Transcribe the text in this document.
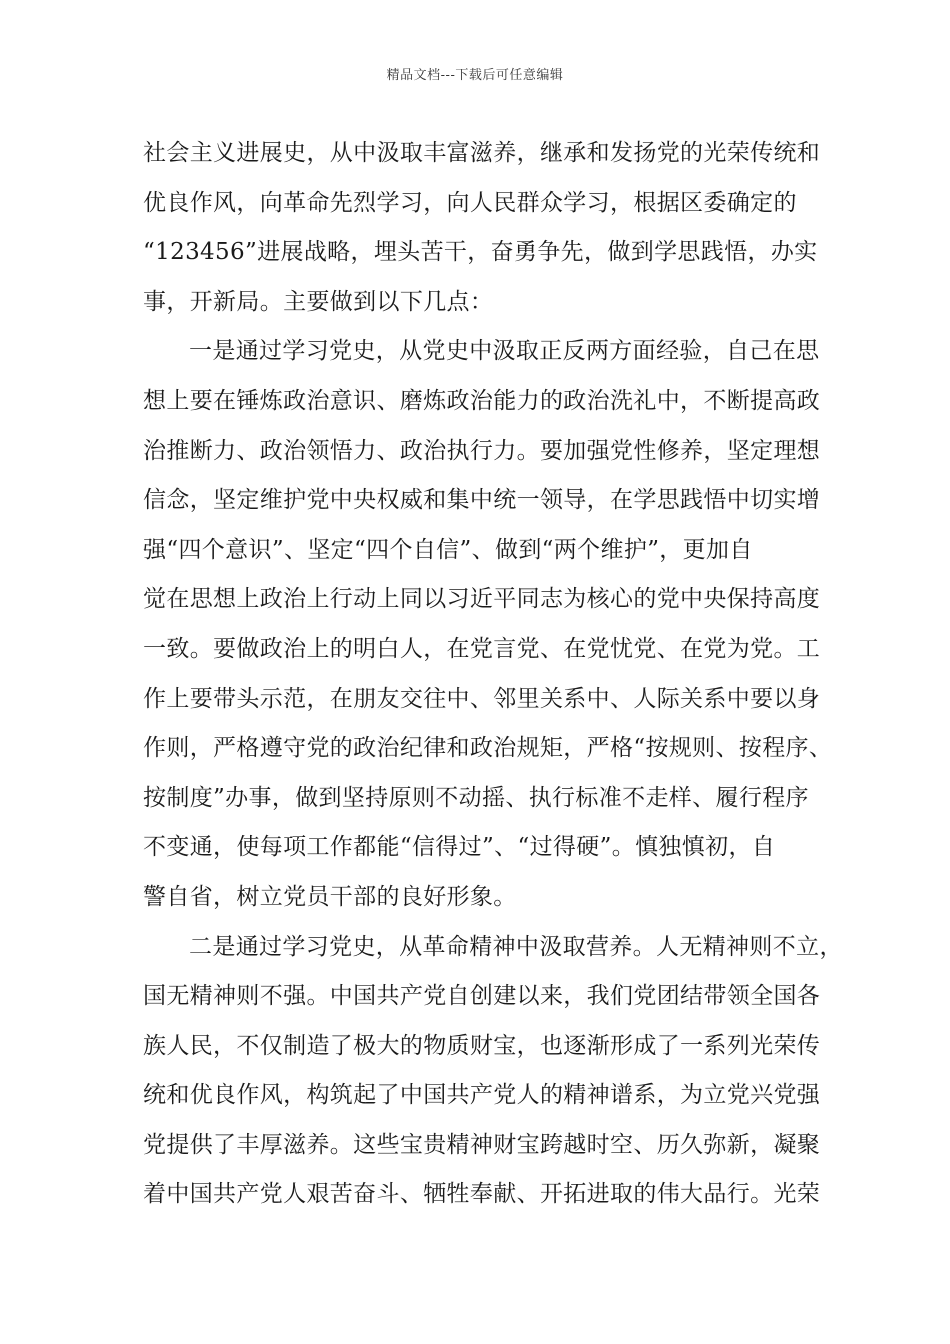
精品文档---下载后可任意编辑
社会主义进展史，从中汲取丰富滋养，继承和发扬党的光荣传统和
优良作风，向革命先烈学习，向人民群众学习，根据区委确定的
“123456”进展战略，埋头苦干，奋勇争先，做到学思践悟，办实
事，开新局。主要做到以下几点：
一是通过学习党史，从党史中汲取正反两方面经验，自己在思
想上要在锤炼政治意识、磨炼政治能力的政治洗礼中，不断提高政
治推断力、政治领悟力、政治执行力。要加强党性修养，坚定理想
信念，坚定维护党中央权威和集中统一领导，在学思践悟中切实增
强“四个意识”、坚定“四个自信”、做到“两个维护”，更加自
觉在思想上政治上行动上同以习近平同志为核心的党中央保持高度
一致。要做政治上的明白人，在党言党、在党忧党、在党为党。工
作上要带头示范，在朋友交往中、邻里关系中、人际关系中要以身
作则，严格遵守党的政治纪律和政治规矩，严格“按规则、按程序、
按制度”办事，做到坚持原则不动摇、执行标准不走样、履行程序
不变通，使每项工作都能“信得过”、“过得硬”。慎独慎初，自
警自省，树立党员干部的良好形象。
二是通过学习党史，从革命精神中汲取营养。人无精神则不立，
国无精神则不强。中国共产党自创建以来，我们党团结带领全国各
族人民，不仅制造了极大的物质财宝，也逐渐形成了一系列光荣传
统和优良作风，构筑起了中国共产党人的精神谱系，为立党兴党强
党提供了丰厚滋养。这些宝贵精神财宝跨越时空、历久弥新，凝聚
着中国共产党人艰苦奋斗、牺牲奉献、开拓进取的伟大品行。光荣
